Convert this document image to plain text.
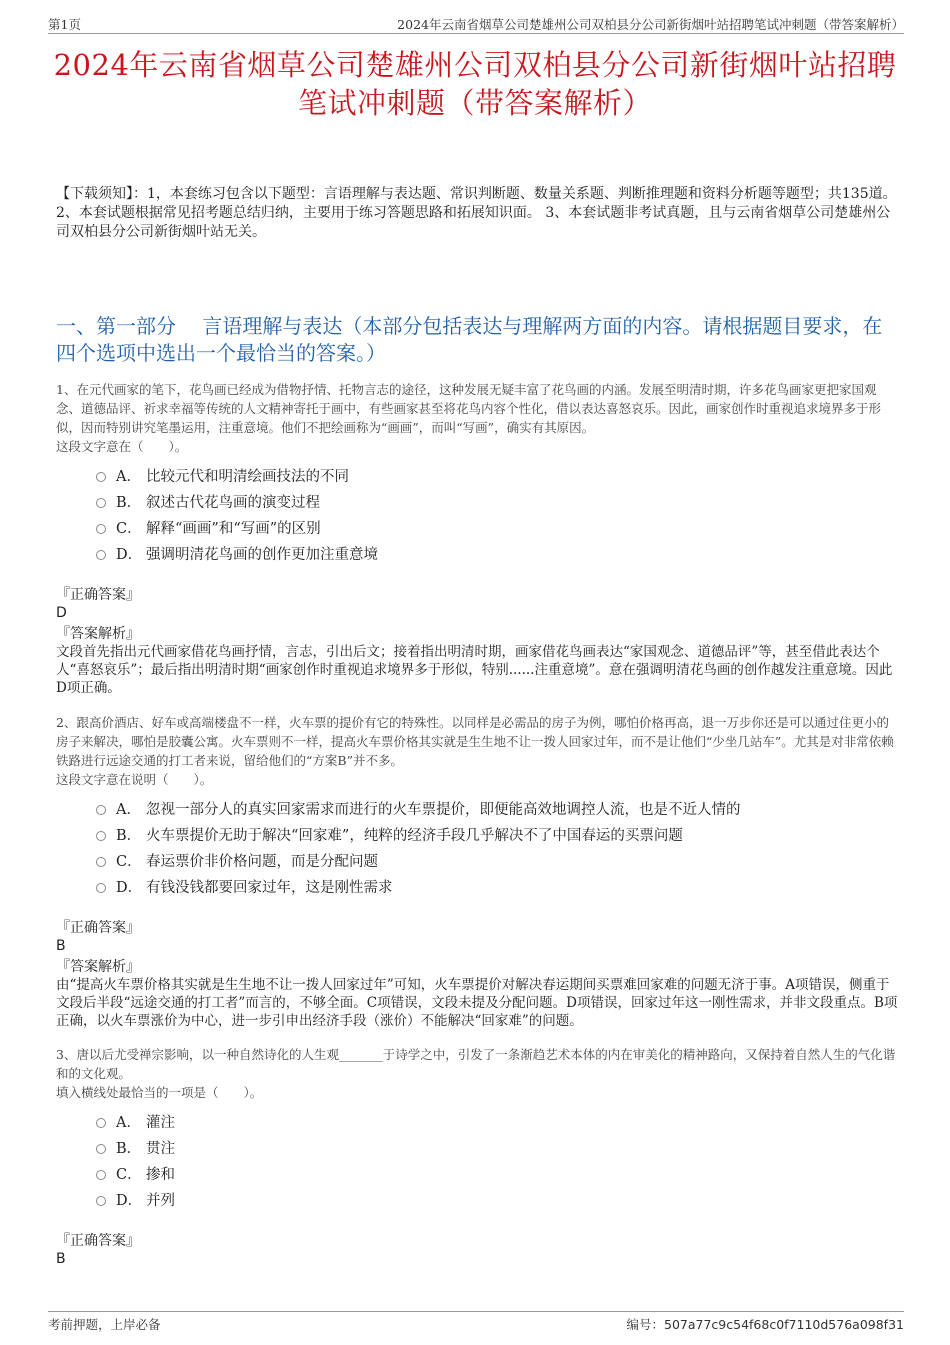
第1页	2024年云南省烟草公司楚雄州公司双柏县分公司新街烟叶站招聘笔试冲刺题（带答案解析）
2024年云南省烟草公司楚雄州公司双柏县分公司新街烟叶站招聘笔试冲刺题（带答案解析）
【下载须知】：1，本套练习包含以下题型：言语理解与表达题、常识判断题、数量关系题、判断推理题和资料分析题等题型；共135道。 2、本套试题根据常见招考题总结归纳，主要用于练习答题思路和拓展知识面。 3、本套试题非考试真题，且与云南省烟草公司楚雄州公司双柏县分公司新街烟叶站无关。
一、第一部分　 言语理解与表达（本部分包括表达与理解两方面的内容。请根据题目要求，在四个选项中选出一个最恰当的答案。）
1、在元代画家的笔下，花鸟画已经成为借物抒情、托物言志的途径，这种发展无疑丰富了花鸟画的内涵。发展至明清时期，许多花鸟画家更把家国观念、道德品评、祈求幸福等传统的人文精神寄托于画中，有些画家甚至将花鸟内容个性化，借以表达喜怒哀乐。因此，画家创作时重视追求境界多于形似，因而特别讲究笔墨运用，注重意境。他们不把绘画称为“画画”，而叫“写画”，确实有其原因。
这段文字意在（　　）。
A． 比较元代和明清绘画技法的不同
B． 叙述古代花鸟画的演变过程
C． 解释“画画”和“写画”的区别
D． 强调明清花鸟画的创作更加注重意境
『正确答案』
D
『答案解析』
文段首先指出元代画家借花鸟画抒情，言志，引出后文；接着指出明清时期，画家借花鸟画表达“家国观念、道德品评”等，甚至借此表达个人“喜怒哀乐”；最后指出明清时期“画家创作时重视追求境界多于形似，特别......注重意境”。意在强调明清花鸟画的创作越发注重意境。因此D项正确。
2、跟高价酒店、好车或高端楼盘不一样，火车票的提价有它的特殊性。以同样是必需品的房子为例，哪怕价格再高，退一万步你还是可以通过住更小的房子来解决，哪怕是胶囊公寓。火车票则不一样，提高火车票价格其实就是生生地不让一拨人回家过年，而不是让他们“少坐几站车”。尤其是对非常依赖铁路进行远途交通的打工者来说，留给他们的“方案B”并不多。
这段文字意在说明（　　）。
A． 忽视一部分人的真实回家需求而进行的火车票提价，即便能高效地调控人流，也是不近人情的
B． 火车票提价无助于解决“回家难”，纯粹的经济手段几乎解决不了中国春运的买票问题
C． 春运票价非价格问题，而是分配问题
D． 有钱没钱都要回家过年，这是刚性需求
『正确答案』
B
『答案解析』
由“提高火车票价格其实就是生生地不让一拨人回家过年”可知，火车票提价对解决春运期间买票难回家难的问题无济于事。A项错误，侧重于文段后半段“远途交通的打工者”而言的，不够全面。C项错误，文段未提及分配问题。D项错误，回家过年这一刚性需求，并非文段重点。B项正确，以火车票涨价为中心，进一步引申出经济手段（涨价）不能解决“回家难”的问题。
3、唐以后尤受禅宗影响，以一种自然诗化的人生观_______于诗学之中，引发了一条渐趋艺术本体的内在审美化的精神路向，又保持着自然人生的气化谐和的文化观。
填入横线处最恰当的一项是（　　）。
A． 灌注
B． 贯注
C． 掺和
D． 并列
『正确答案』
B
考前押题，上岸必备	编号：507a77c9c54f68c0f7110d576a098f31
